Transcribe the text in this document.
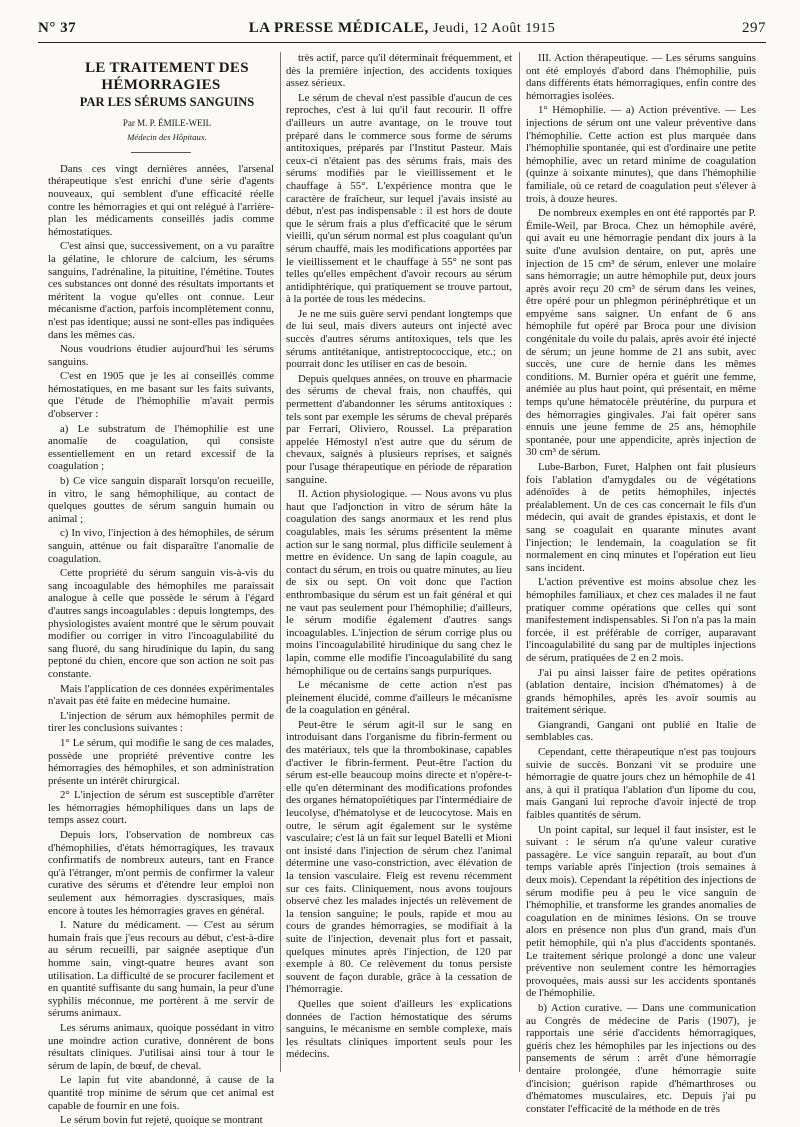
N° 37	LA PRESSE MÉDICALE, Jeudi, 12 Août 1915	297

LE TRAITEMENT DES HÉMORRAGIES

PAR LES SÉRUMS SANGUINS

Par M. P. ÉMILE-WEIL

Médecin des Hôpitaux.

Dans ces vingt dernières années, l'arsenal thérapeutique s'est enrichi d'une série d'agents nouveaux, qui semblent d'une efficacité réelle contre les hémorragies et qui ont relégué à l'arrière-plan les médicaments conseillés jadis comme hémostatiques.

C'est ainsi que, successivement, on a vu paraître la gélatine, le chlorure de calcium, les sérums sanguins, l'adrénaline, la pituitine, l'émétine. Toutes ces substances ont donné des résultats importants et méritent la vogue qu'elles ont connue. Leur mécanisme d'action, parfois incomplètement connu, n'est pas identique; aussi ne sont-elles pas indiquées dans les mêmes cas.

Nous voudrions étudier aujourd'hui les sérums sanguins.

C'est en 1905 que je les ai conseillés comme hémostatiques, en me basant sur les faits suivants, que l'étude de l'hémophilie m'avait permis d'observer :

a) Le substratum de l'hémophilie est une anomalie de coagulation, qui consiste essentiellement en un retard excessif de la coagulation ;

b) Ce vice sanguin disparaît lorsqu'on recueille, in vitro, le sang hémophilique, au contact de quelques gouttes de sérum sanguin humain ou animal ;

c) In vivo, l'injection à des hémophiles, de sérum sanguin, atténue ou fait disparaître l'anomalie de coagulation.

Cette propriété du sérum sanguin vis-à-vis du sang incoagulable des hémophiles me paraissait analogue à celle que possède le sérum à l'égard d'autres sangs incoagulables : depuis longtemps, des physiologistes avaient montré que le sérum pouvait modifier ou corriger in vitro l'incoagulabilité du sang fluoré, du sang hirudinique du lapin, du sang peptoné du chien, encore que son action ne soit pas constante.

Mais l'application de ces données expérimentales n'avait pas été faite en médecine humaine.

L'injection de sérum aux hémophiles permit de tirer les conclusions suivantes :

1° Le sérum, qui modifie le sang de ces malades, possède une propriété préventive contre les hémorragies des hémophiles, et son administration présente un intérêt chirurgical.

2° L'injection de sérum est susceptible d'arrêter les hémorragies hémophiliques dans un laps de temps assez court.

Depuis lors, l'observation de nombreux cas d'hémophilies, d'états hémorragiques, les travaux confirmatifs de nombreux auteurs, tant en France qu'à l'étranger, m'ont permis de confirmer la valeur curative des sérums et d'étendre leur emploi non seulement aux hémorragies dyscrasiques, mais encore à toutes les hémorragies graves en général.

I. Nature du médicament. — C'est au sérum humain frais que j'eus recours au début, c'est-à-dire au sérum recueilli, par saignée aseptique d'un homme sain, vingt-quatre heures avant son utilisation. La difficulté de se procurer facilement et en quantité suffisante du sang humain, la peur d'une syphilis méconnue, me portèrent à me servir de sérums animaux.

Les sérums animaux, quoique possédant in vitro une moindre action curative, donnèrent de bons résultats cliniques. J'utilisai ainsi tour à tour le sérum de lapin, de bœuf, de cheval.

Le lapin fut vite abandonné, à cause de la quantité trop minime de sérum que cet animal est capable de fournir en une fois.

Le sérum bovin fut rejeté, quoique se montrant

très actif, parce qu'il déterminait fréquemment, et dès la première injection, des accidents toxiques assez sérieux.

Le sérum de cheval n'est passible d'aucun de ces reproches, c'est à lui qu'il faut recourir. Il offre d'ailleurs un autre avantage, on le trouve tout préparé dans le commerce sous forme de sérums antitoxiques, préparés par l'Institut Pasteur. Mais ceux-ci n'étaient pas des sérums frais, mais des sérums modifiés par le vieillissement et le chauffage à 55°. L'expérience montra que le caractère de fraîcheur, sur lequel j'avais insisté au début, n'est pas indispensable : il est hors de doute que le sérum frais a plus d'efficacité que le sérum vieilli, qu'un sérum normal est plus coagulant qu'un sérum chauffé, mais les modifications apportées par le vieillissement et le chauffage à 55° ne sont pas telles qu'elles empêchent d'avoir recours au sérum antidiphtérique, qui pratiquement se trouve partout, à la portée de tous les médecins.

Je ne me suis guère servi pendant longtemps que de lui seul, mais divers auteurs ont injecté avec succès d'autres sérums antitoxiques, tels que les sérums antitétanique, antistreptococcique, etc.; on pourrait donc les utiliser en cas de besoin.

Depuis quelques années, on trouve en pharmacie des sérums de cheval frais, non chauffés, qui permettent d'abandonner les sérums antitoxiques : tels sont par exemple les sérums de cheval préparés par Ferrari, Oliviero, Roussel. La préparation appelée Hémostyl n'est autre que du sérum de chevaux, saignés à plusieurs reprises, et saignés pour l'usage thérapeutique en période de réparation sanguine.

II. Action physiologique. — Nous avons vu plus haut que l'adjonction in vitro de sérum hâte la coagulation des sangs anormaux et les rend plus coagulables, mais les sérums présentent la même action sur le sang normal, plus difficile seulement à mettre en évidence. Un sang de lapin coagule, au contact du sérum, en trois ou quatre minutes, au lieu de six ou sept. On voit donc que l'action enthrombasique du sérum est un fait général et qui ne vaut pas seulement pour l'hémophilie; d'ailleurs, le sérum modifie également d'autres sangs incoagulables. L'injection de sérum corrige plus ou moins l'incoagulabilité hirudinique du sang chez le lapin, comme elle modifie l'incoagulabilité du sang hémophilique ou de certains sangs purpuriques.

Le mécanisme de cette action n'est pas pleinement élucidé, comme d'ailleurs le mécanisme de la coagulation en général.

Peut-être le sérum agit-il sur le sang en introduisant dans l'organisme du fibrin-ferment ou des matériaux, tels que la thrombokinase, capables d'activer le fibrin-ferment. Peut-être l'action du sérum est-elle beaucoup moins directe et n'opère-t-elle qu'en déterminant des modifications profondes des organes hématopoïétiques par l'intermédiaire de leucolyse, d'hématolyse et de leucocytose. Mais en outre, le sérum agit également sur le système vasculaire; c'est là un fait sur lequel Batelli et Mioni ont insisté dans l'injection de sérum chez l'animal détermine une vaso-constriction, avec élévation de la tension vasculaire. Fleig est revenu récemment sur ces faits. Cliniquement, nous avons toujours observé chez les malades injectés un relèvement de la tension sanguine; le pouls, rapide et mou au cours de grandes hémorragies, se modifiait à la suite de l'injection, devenait plus fort et passait, quelques minutes après l'injection, de 120 par exemple à 80. Ce relèvement du tonus persiste souvent de façon durable, grâce à la cessation de l'hémorragie.

Quelles que soient d'ailleurs les explications données de l'action hémostatique des sérums sanguins, le mécanisme en semble complexe, mais les résultats cliniques importent seuls pour les médecins.

III. Action thérapeutique. — Les sérums sanguins ont été employés d'abord dans l'hémophilie, puis dans différents états hémorragiques, enfin contre des hémorragies isolées.

1° Hémophilie. — a) Action préventive. — Les injections de sérum ont une valeur préventive dans l'hémophilie. Cette action est plus marquée dans l'hémophilie spontanée, qui est d'ordinaire une petite hémophilie, avec un retard minime de coagulation (quinze à soixante minutes), que dans l'hémophilie familiale, où ce retard de coagulation peut s'élever à trois, à douze heures.

De nombreux exemples en ont été rapportés par P. Émile-Weil, par Broca. Chez un hémophile avéré, qui avait eu une hémorragie pendant dix jours à la suite d'une avulsion dentaire, on put, après une injection de 15 cm³ de sérum, enlever une molaire sans hémorragie; un autre hémophile put, deux jours après avoir reçu 20 cm³ de sérum dans les veines, être opéré pour un phlegmon périnéphrétique et un empyème sans saigner. Un enfant de 6 ans hémophile fut opéré par Broca pour une division congénitale du voile du palais, après avoir été injecté de sérum; un jeune homme de 21 ans subit, avec succès, une cure de hernie dans les mêmes conditions. M. Burnier opéra et guérit une femme, anémiée au plus haut point, qui présentait, en même temps qu'une hématocèle préutérine, du purpura et des hémorragies gingivales. J'ai fait opérer sans ennuis une jeune femme de 25 ans, hémophile spontanée, pour une appendicite, après injection de 30 cm³ de sérum.

Lube-Barbon, Furet, Halphen ont fait plusieurs fois l'ablation d'amygdales ou de végétations adénoïdes à de petits hémophiles, injectés préalablement. Un de ces cas concernait le fils d'un médecin, qui avait de grandes épistaxis, et dont le sang se coagulait en quarante minutes avant l'injection; le lendemain, la coagulation se fit normalement en cinq minutes et l'opération eut lieu sans incident.

L'action préventive est moins absolue chez les hémophiles familiaux, et chez ces malades il ne faut pratiquer comme opérations que celles qui sont manifestement indispensables. Si l'on n'a pas la main forcée, il est préférable de corriger, auparavant l'incoagulabilité du sang par de multiples injections de sérum, pratiquées de 2 en 2 mois.

J'ai pu ainsi laisser faire de petites opérations (ablation dentaire, incision d'hématomes) à de grands hémophiles, après les avoir soumis au traitement sérique.

Giangrandi, Gangani ont publié en Italie de semblables cas.

Cependant, cette thérapeutique n'est pas toujours suivie de succès. Bonzani vit se produire une hémorragie de quatre jours chez un hémophile de 41 ans, à qui il pratiqua l'ablation d'un lipome du cou, mais Gangani lui reproche d'avoir injecté de trop faibles quantités de sérum.

Un point capital, sur lequel il faut insister, est le suivant : le sérum n'a qu'une valeur curative passagère. Le vice sanguin reparaît, au bout d'un temps variable après l'injection (trois semaines à deux mois). Cependant la répétition des injections de sérum modifie peu à peu le vice sanguin de l'hémophilie, et transforme les grandes anomalies de coagulation en de minimes lésions. On se trouve alors en présence non plus d'un grand, mais d'un petit hémophile, qui n'a plus d'accidents spontanés. Le traitement sérique prolongé a donc une valeur préventive non seulement contre les hémorragies provoquées, mais aussi sur les accidents spontanés de l'hémophilie.

b) Action curative. — Dans une communication au Congrès de médecine de Paris (1907), je rapportais une série d'accidents hémorragiques, guéris chez les hémophiles par les injections ou des pansements de sérum : arrêt d'une hémorragie dentaire prolongée, d'une hémorragie suite d'incision; guérison rapide d'hémarthroses ou d'hématomes musculaires, etc. Depuis j'ai pu constater l'efficacité de la méthode en de très
